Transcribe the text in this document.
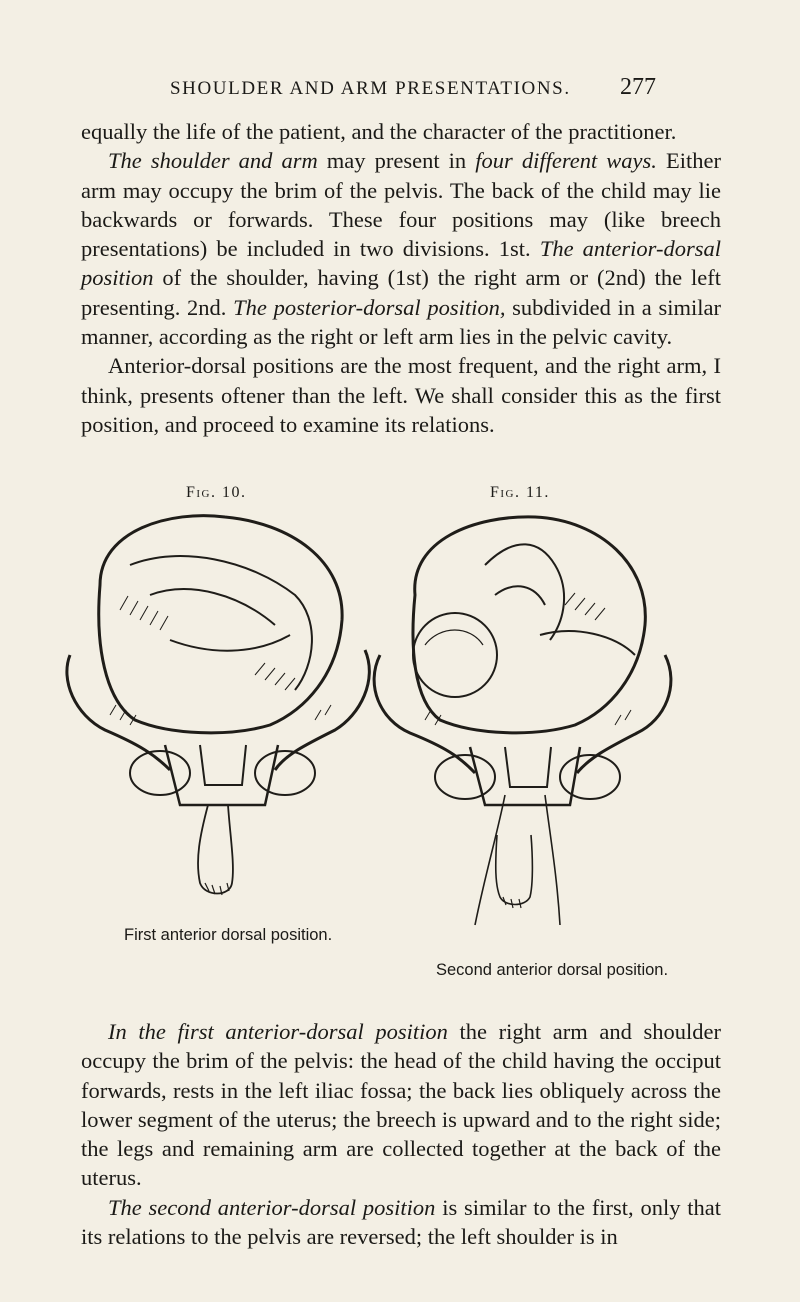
SHOULDER AND ARM PRESENTATIONS. 277

equally the life of the patient, and the character of the practitioner.

The shoulder and arm may present in four different ways. Either arm may occupy the brim of the pelvis. The back of the child may lie backwards or forwards. These four positions may (like breech presentations) be included in two divisions. 1st. The anterior-dorsal position of the shoulder, having (1st) the right arm or (2nd) the left presenting. 2nd. The posterior-dorsal position, subdivided in a similar manner, according as the right or left arm lies in the pelvic cavity.

Anterior-dorsal positions are the most frequent, and the right arm, I think, presents oftener than the left. We shall consider this as the first position, and proceed to examine its relations.

Fig. 10.	Fig. 11.
First anterior dorsal position.
Second anterior dorsal position.

In the first anterior-dorsal position the right arm and shoulder occupy the brim of the pelvis: the head of the child having the occiput forwards, rests in the left iliac fossa; the back lies obliquely across the lower segment of the uterus; the breech is upward and to the right side; the legs and remaining arm are collected together at the back of the uterus.

The second anterior-dorsal position is similar to the first, only that its relations to the pelvis are reversed; the left shoulder is in
